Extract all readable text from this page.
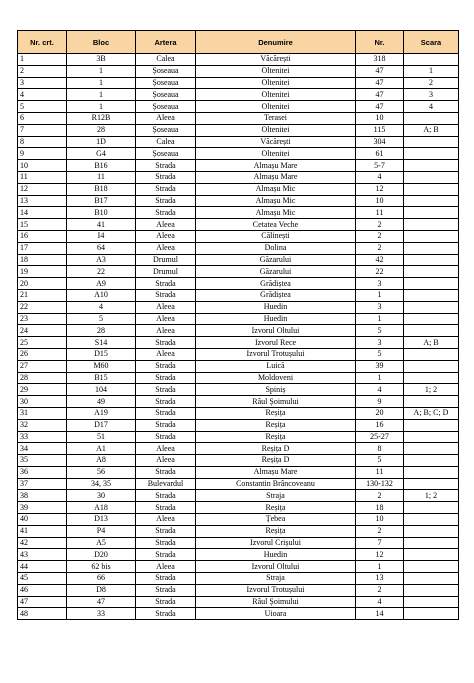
Nr. crt.	Bloc	Artera	Denumire	Nr.	Scara
1	3B	Calea	Văcărești	318	
2	1	Șoseaua	Oltenitei	47	1
3	1	Șoseaua	Oltenitei	47	2
4	1	Șoseaua	Oltenitei	47	3
5	1	Șoseaua	Oltenitei	47	4
6	R12B	Aleea	Terasei	10	
7	28	Șoseaua	Oltenitei	115	A; B
8	1D	Calea	Văcărești	304	
9	G4	Șoseaua	Oltenitei	61	
10	B16	Strada	Almașu Mare	5-7	
11	11	Strada	Almașu Mare	4	
12	B18	Strada	Almașu Mic	12	
13	B17	Strada	Almașu Mic	10	
14	B10	Strada	Almașu Mic	11	
15	41	Aleea	Cetatea Veche	2	
16	I4	Aleea	Călinești	2	
17	64	Aleea	Dolina	2	
18	A3	Drumul	Găzarului	42	
19	22	Drumul	Găzarului	22	
20	A9	Strada	Grădiștea	3	
21	A10	Strada	Grădiștea	1	
22	4	Aleea	Huedin	3	
23	5	Aleea	Huedin	1	
24	28	Aleea	Izvorul Oltului	5	
25	S14	Strada	Izvorul Rece	3	A; B
26	D15	Aleea	Izvorul Trotușului	5	
27	M60	Strada	Luică	39	
28	B15	Strada	Moldoveni	1	
29	104	Strada	Spiniș	4	1; 2
30	49	Strada	Râul Șoimului	9	
31	A19	Strada	Reșița	20	A; B; C; D
32	D17	Strada	Reșița	16	
33	51	Strada	Reșița	25-27	
34	A1	Aleea	Reșița D	8	
35	A8	Aleea	Reșița D	5	
36	56	Strada	Almașu Mare	11	
37	34, 35	Bulevardul	Constantin Brâncoveanu	130-132	
38	30	Strada	Straja	2	1; 2
39	A18	Strada	Reșița	18	
40	D13	Aleea	Țebea	10	
41	P4	Strada	Reșița	2	
42	A5	Strada	Izvorul Crișului	7	
43	D20	Strada	Huedin	12	
44	62 bis	Aleea	Izvorul Oltului	1	
45	66	Strada	Straja	13	
46	D8	Strada	Izvorul Trotușului	2	
47	47	Strada	Râul Șoimului	4	
48	33	Strada	Uioara	14	
